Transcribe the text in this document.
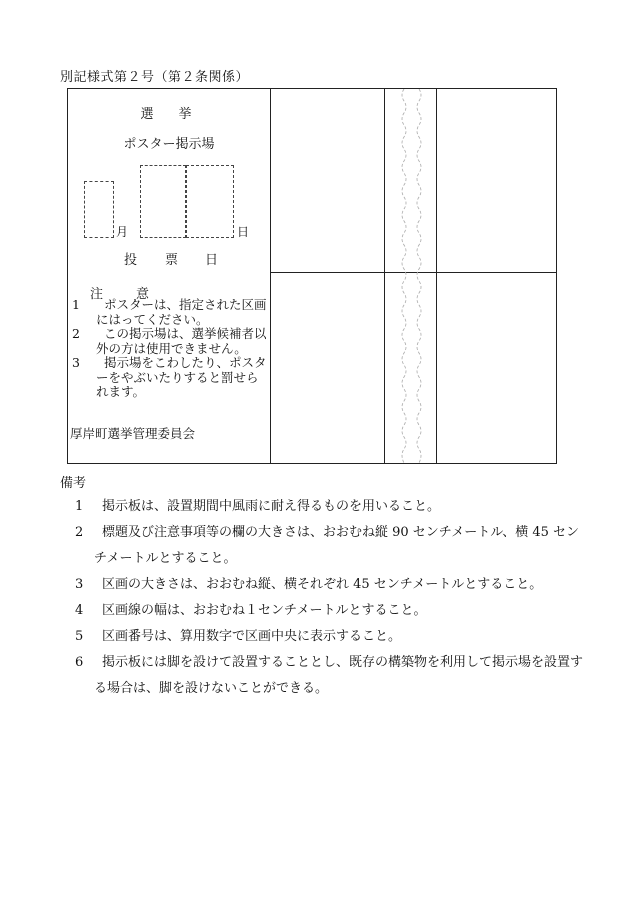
別記様式第２号（第２条関係）
選　挙
ポスター掲示場
月	日
投 票 日
注　意

1	ポスターは、指定された区画にはってください。

2	この掲示場は、選挙候補者以外の方は使用できません。

3	掲示場をこわしたり、ポスターをやぶいたりすると罰せられます。

厚岸町選挙管理委員会
備考

1	掲示板は、設置期間中風雨に耐え得るものを用いること。

2	標題及び注意事項等の欄の大きさは、おおむね縦 90 センチメートル、横 45 センチメートルとすること。

3	区画の大きさは、おおむね縦、横それぞれ 45 センチメートルとすること。

4	区画線の幅は、おおむね１センチメートルとすること。

5	区画番号は、算用数字で区画中央に表示すること。

6	掲示板には脚を設けて設置することとし、既存の構築物を利用して掲示場を設置する場合は、脚を設けないことができる。
